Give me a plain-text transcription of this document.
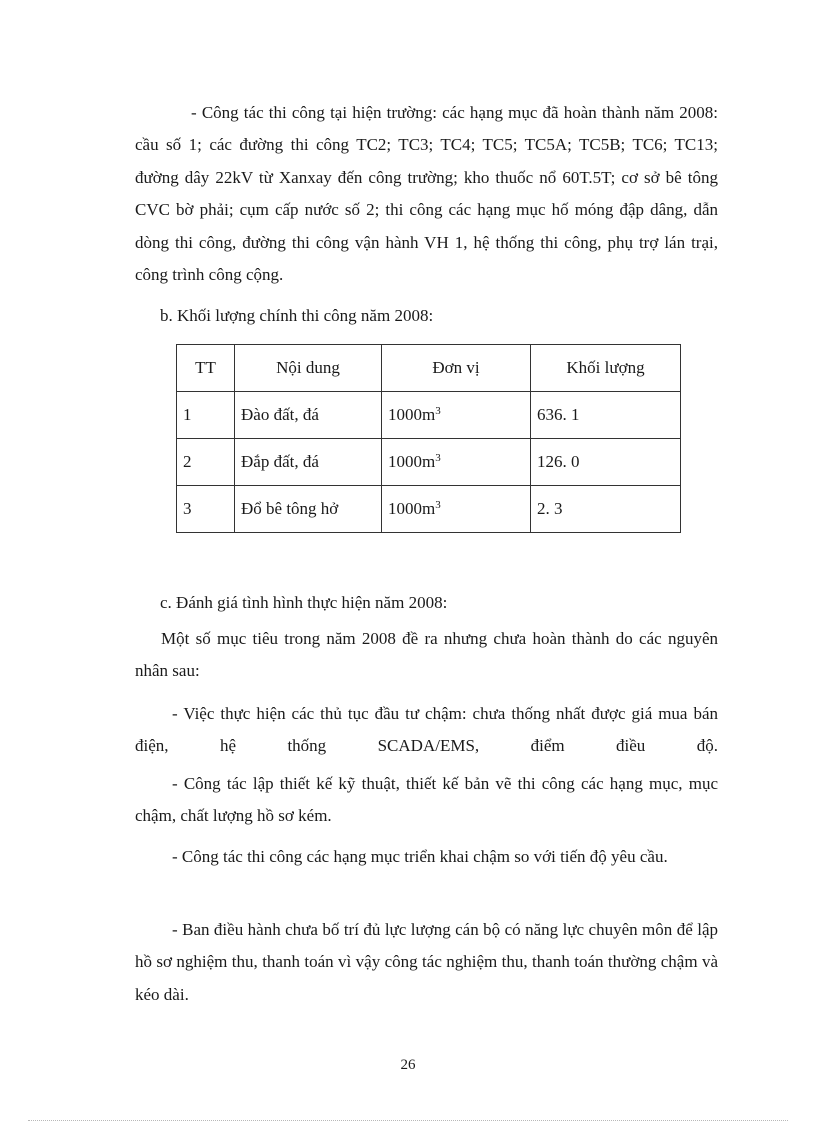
- Công tác thi công tại hiện trường: các hạng mục đã hoàn thành năm 2008: cầu số 1; các đường thi công TC2; TC3; TC4; TC5; TC5A; TC5B; TC6; TC13; đường dây 22kV từ Xanxay đến công trường; kho thuốc nổ 60T.5T; cơ sở bê tông CVC bờ phải; cụm cấp nước số 2; thi công các hạng mục hố móng đập dâng, dẫn dòng thi công, đường thi công vận hành VH 1, hệ thống thi công, phụ trợ lán trại, công trình công cộng.

b. Khối lượng chính thi công năm 2008:

TT	Nội dung	Đơn vị	Khối lượng
1	Đào đất, đá	$1000m^3$	636. 1
2	Đắp đất, đá	$1000m^3$	126. 0
3	Đổ bê tông hở	$1000m^3$	2. 3

c. Đánh giá tình hình thực hiện năm 2008:

Một số mục tiêu trong năm 2008 đề ra nhưng chưa hoàn thành do các nguyên nhân sau:

- Việc thực hiện các thủ tục đầu tư chậm: chưa thống nhất được giá mua bán điện, hệ thống SCADA/EMS, điểm điều độ.

- Công tác lập thiết kế kỹ thuật, thiết kế bản vẽ thi công các hạng mục, mục chậm, chất lượng hồ sơ kém.

- Công tác thi công các hạng mục triển khai chậm so với tiến độ yêu cầu.

- Ban điều hành chưa bố trí đủ lực lượng cán bộ có năng lực chuyên môn để lập hồ sơ nghiệm thu, thanh toán vì vậy công tác nghiệm thu, thanh toán thường chậm và kéo dài.

26
